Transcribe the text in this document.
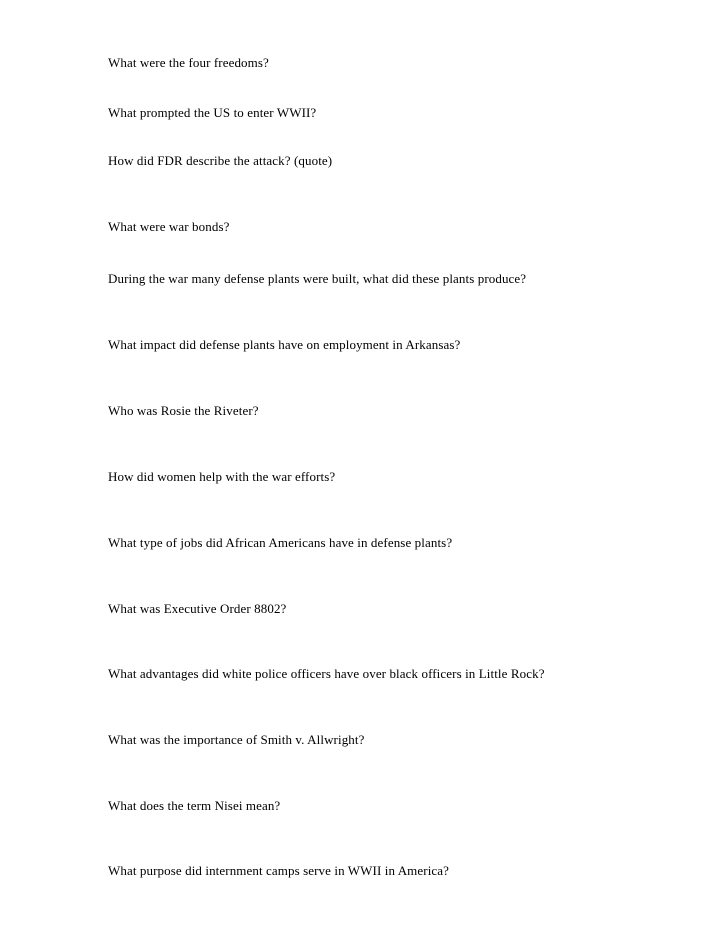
What were the four freedoms?
What prompted the US to enter WWII?
How did FDR describe the attack? (quote)
What were war bonds?
During the war many defense plants were built, what did these plants produce?
What impact did defense plants have on employment in Arkansas?
Who was Rosie the Riveter?
How did women help with the war efforts?
What type of jobs did African Americans have in defense plants?
What was Executive Order 8802?
What advantages did white police officers have over black officers in Little Rock?
What was the importance of Smith v. Allwright?
What does the term Nisei mean?
What purpose did internment camps serve in WWII in America?
